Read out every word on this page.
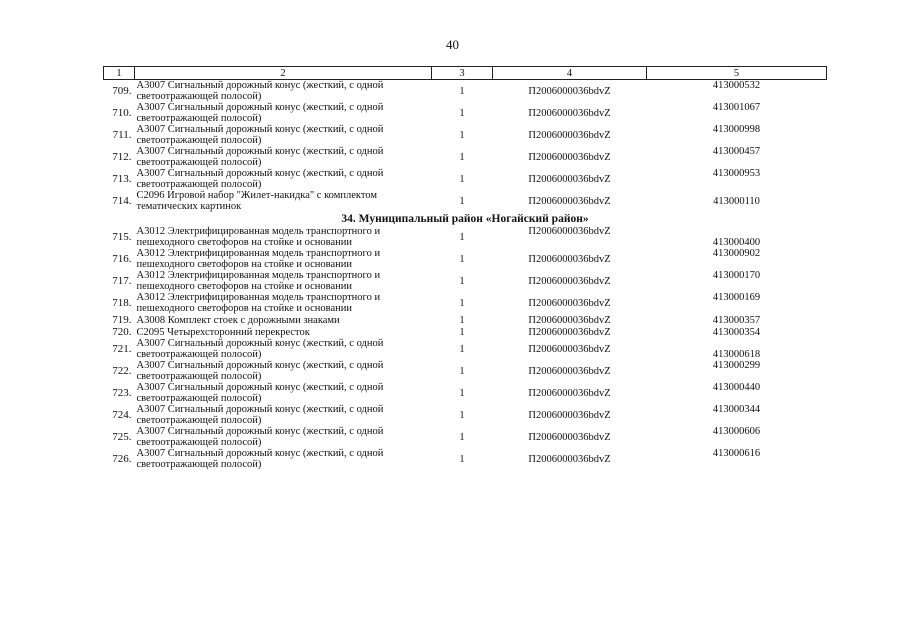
40
1	2	3	4	5
709.	А3007 Сигнальный дорожный конус (жесткий, с одной светоотражающей полосой)	1	П2006000036bdvZ	413000532
710.	А3007 Сигнальный дорожный конус (жесткий, с одной светоотражающей полосой)	1	П2006000036bdvZ	413001067
711.	А3007 Сигнальный дорожный конус (жесткий, с одной светоотражающей полосой)	1	П2006000036bdvZ	413000998
712.	А3007 Сигнальный дорожный конус (жесткий, с одной светоотражающей полосой)	1	П2006000036bdvZ	413000457
713.	А3007 Сигнальный дорожный конус (жесткий, с одной светоотражающей полосой)	1	П2006000036bdvZ	413000953
714.	С2096 Игровой набор "Жилет-накидка" с комплектом тематических картинок	1	П2006000036bdvZ	413000110
34. Муниципальный район «Ногайский район»				
715.	А3012 Электрифицированная модель транспортного и пешеходного светофоров на стойке и основании	1	П2006000036bdvZ	413000400
716.	А3012 Электрифицированная модель транспортного и пешеходного светофоров на стойке и основании	1	П2006000036bdvZ	413000902
717.	А3012 Электрифицированная модель транспортного и пешеходного светофоров на стойке и основании	1	П2006000036bdvZ	413000170
718.	А3012 Электрифицированная модель транспортного и пешеходного светофоров на стойке и основании	1	П2006000036bdvZ	413000169
719.	А3008 Комплект стоек с дорожными знаками	1	П2006000036bdvZ	413000357
720.	С2095 Четырехсторонний перекресток	1	П2006000036bdvZ	413000354
721.	А3007 Сигнальный дорожный конус (жесткий, с одной светоотражающей полосой)	1	П2006000036bdvZ	413000618
722.	А3007 Сигнальный дорожный конус (жесткий, с одной светоотражающей полосой)	1	П2006000036bdvZ	413000299
723.	А3007 Сигнальный дорожный конус (жесткий, с одной светоотражающей полосой)	1	П2006000036bdvZ	413000440
724.	А3007 Сигнальный дорожный конус (жесткий, с одной светоотражающей полосой)	1	П2006000036bdvZ	413000344
725.	А3007 Сигнальный дорожный конус (жесткий, с одной светоотражающей полосой)	1	П2006000036bdvZ	413000606
726.	А3007 Сигнальный дорожный конус (жесткий, с одной светоотражающей полосой)	1	П2006000036bdvZ	413000616
